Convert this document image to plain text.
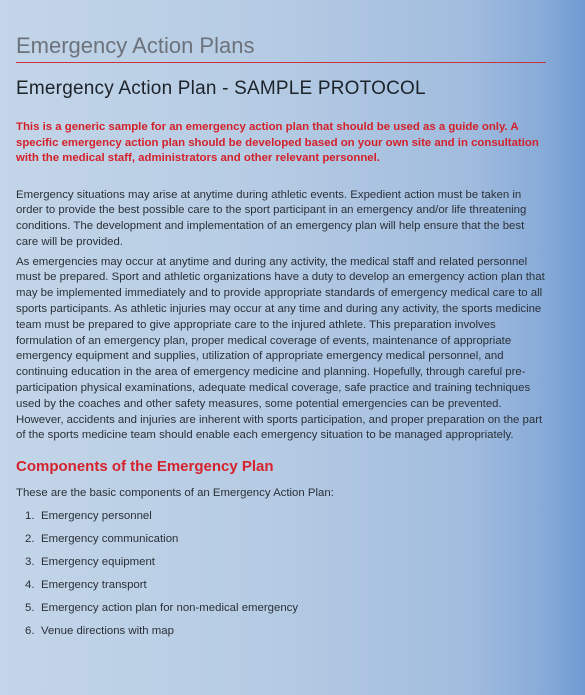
Emergency Action Plans
Emergency Action Plan - SAMPLE PROTOCOL

This is a generic sample for an emergency action plan that should be used as a guide only. A specific emergency action plan should be developed based on your own site and in consultation with the medical staff, administrators and other relevant personnel.

Emergency situations may arise at anytime during athletic events. Expedient action must be taken in order to provide the best possible care to the sport participant in an emergency and/or life threatening conditions. The development and implementation of an emergency plan will help ensure that the best care will be provided.

As emergencies may occur at anytime and during any activity, the medical staff and related personnel must be prepared. Sport and athletic organizations have a duty to develop an emergency action plan that may be implemented immediately and to provide appropriate standards of emergency medical care to all sports participants. As athletic injuries may occur at any time and during any activity, the sports medicine team must be prepared to give appropriate care to the injured athlete. This preparation involves formulation of an emergency plan, proper medical coverage of events, maintenance of appropriate emergency equipment and supplies, utilization of appropriate emergency medical personnel, and continuing education in the area of emergency medicine and planning. Hopefully, through careful pre-participation physical examinations, adequate medical coverage, safe practice and training techniques used by the coaches and other safety measures, some potential emergencies can be prevented. However, accidents and injuries are inherent with sports participation, and proper preparation on the part of the sports medicine team should enable each emergency situation to be managed appropriately.

Components of the Emergency Plan

These are the basic components of an Emergency Action Plan:

1. Emergency personnel
2. Emergency communication
3. Emergency equipment
4. Emergency transport
5. Emergency action plan for non-medical emergency
6. Venue directions with map
